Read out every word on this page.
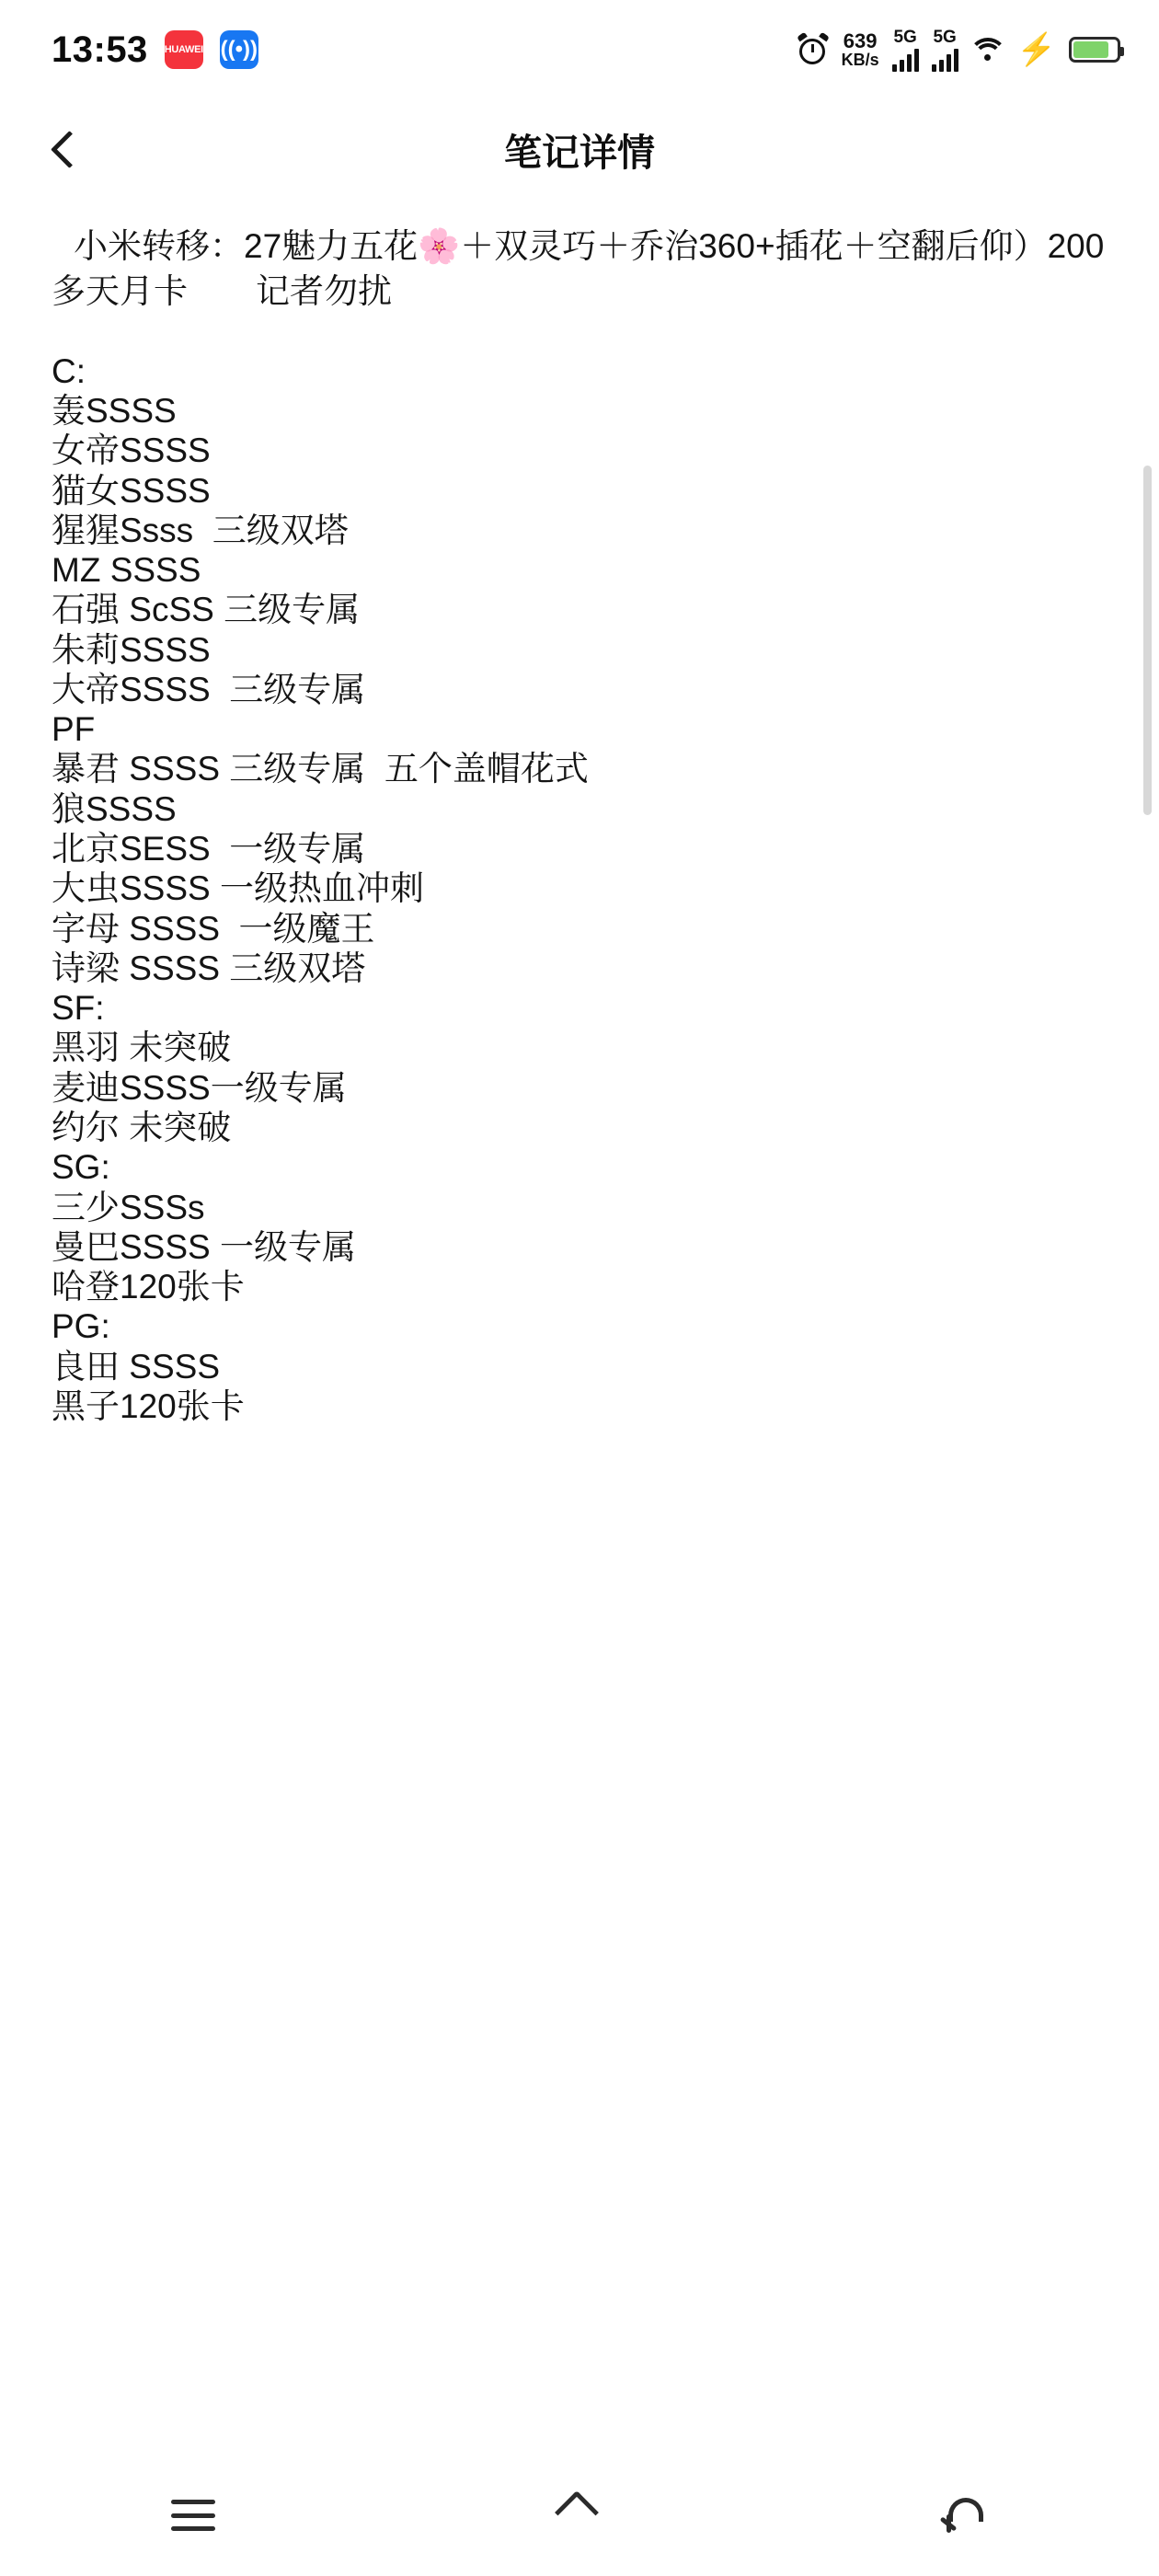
13:53 HUAWEI ((•))	639
KB/s
5G 5G ⚡
笔记详情
小米转移：27魅力五花🌸＋双灵巧＋乔治360+插花＋空翻后仰）200多天月卡　　记者勿扰
C:
轰SSSS
女帝SSSS
猫女SSSS
猩猩Ssss  三级双塔
MZ SSSS
石强 ScSS 三级专属
朱莉SSSS
大帝SSSS  三级专属
PF
暴君 SSSS 三级专属  五个盖帽花式
狼SSSS
北京SESS  一级专属
大虫SSSS 一级热血冲刺
字母 SSSS  一级魔王
诗梁 SSSS 三级双塔
SF:
黑羽 未突破
麦迪SSSS一级专属
约尔 未突破
SG:
三少SSSs
曼巴SSSS 一级专属
哈登120张卡
PG:
良田 SSSS
黑子120张卡
